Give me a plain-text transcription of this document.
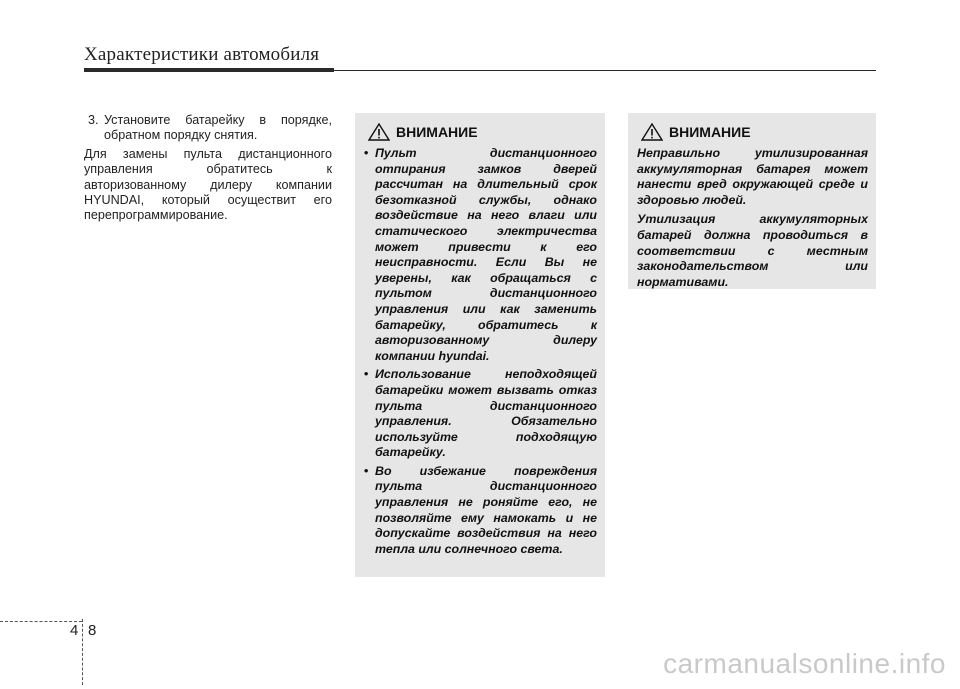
Характеристики автомобиля
3. Установите батарейку в порядке, обратном порядку снятия.
Для замены пульта дистанционного управления обратитесь к авторизованному дилеру компании HYUNDAI, который осуществит его перепрограммирование.
ВНИМАНИЕ
• Пульт дистанционного отпирания замков дверей рассчитан на длительный срок безотказной службы, однако воздействие на него влаги или статического электричества может привести к его неисправности. Если Вы не уверены, как обращаться с пультом дистанционного управления или как заменить батарейку, обратитесь к авторизованному дилеру компании hyundai.
• Использование неподходящей батарейки может вызвать отказ пульта дистанционного управления. Обязательно используйте подходящую батарейку.
• Во избежание повреждения пульта дистанционного управления не роняйте его, не позволяйте ему намокать и не допускайте воздействия на него тепла или солнечного света.
ВНИМАНИЕ

Неправильно утилизированная аккумуляторная батарея может нанести вред окружающей среде и здоровью людей.

Утилизация аккумуляторных батарей должна проводиться в соответствии с местным законодательством или нормативами.

4 8
carmanualsonline.info
